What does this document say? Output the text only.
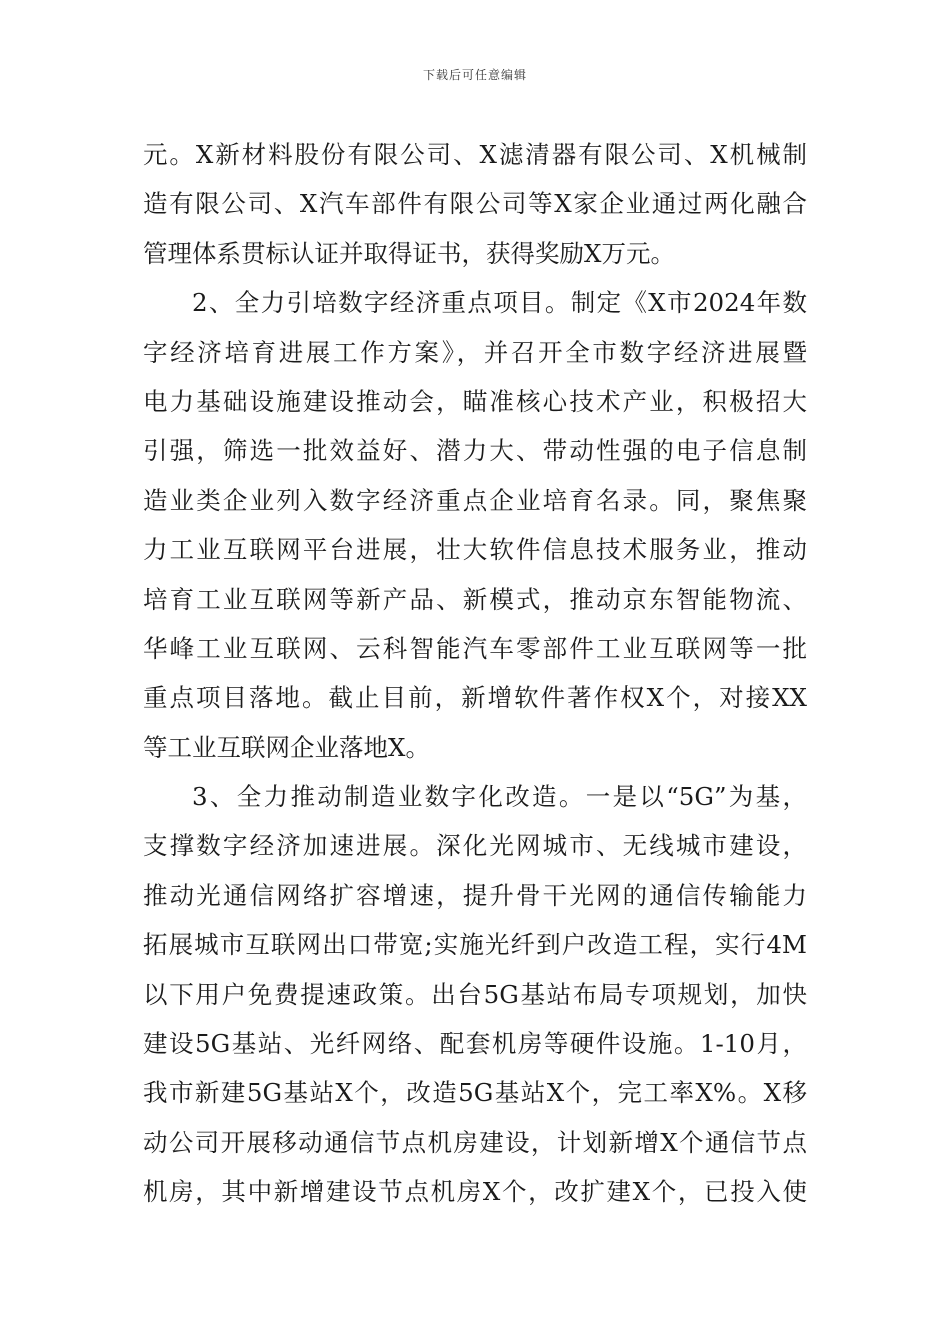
下载后可任意编辑
元。X新材料股份有限公司、X滤清器有限公司、X机械制
造有限公司、X汽车部件有限公司等X家企业通过两化融合
管理体系贯标认证并取得证书，获得奖励X万元。
2、全力引培数字经济重点项目。制定《X市2024年数
字经济培育进展工作方案》，并召开全市数字经济进展暨
电力基础设施建设推动会，瞄准核心技术产业，积极招大
引强，筛选一批效益好、潜力大、带动性强的电子信息制
造业类企业列入数字经济重点企业培育名录。同，聚焦聚
力工业互联网平台进展，壮大软件信息技术服务业，推动
培育工业互联网等新产品、新模式，推动京东智能物流、
华峰工业互联网、云科智能汽车零部件工业互联网等一批
重点项目落地。截止目前，新增软件著作权X个，对接XX
等工业互联网企业落地X。
3、全力推动制造业数字化改造。一是以“5G”为基，
支撑数字经济加速进展。深化光网城市、无线城市建设，
推动光通信网络扩容增速，提升骨干光网的通信传输能力
拓展城市互联网出口带宽;实施光纤到户改造工程，实行4M
以下用户免费提速政策。出台5G基站布局专项规划，加快
建设5G基站、光纤网络、配套机房等硬件设施。1-10月，
我市新建5G基站X个，改造5G基站X个，完工率X%。X移
动公司开展移动通信节点机房建设，计划新增X个通信节点
机房，其中新增建设节点机房X个，改扩建X个，已投入使
